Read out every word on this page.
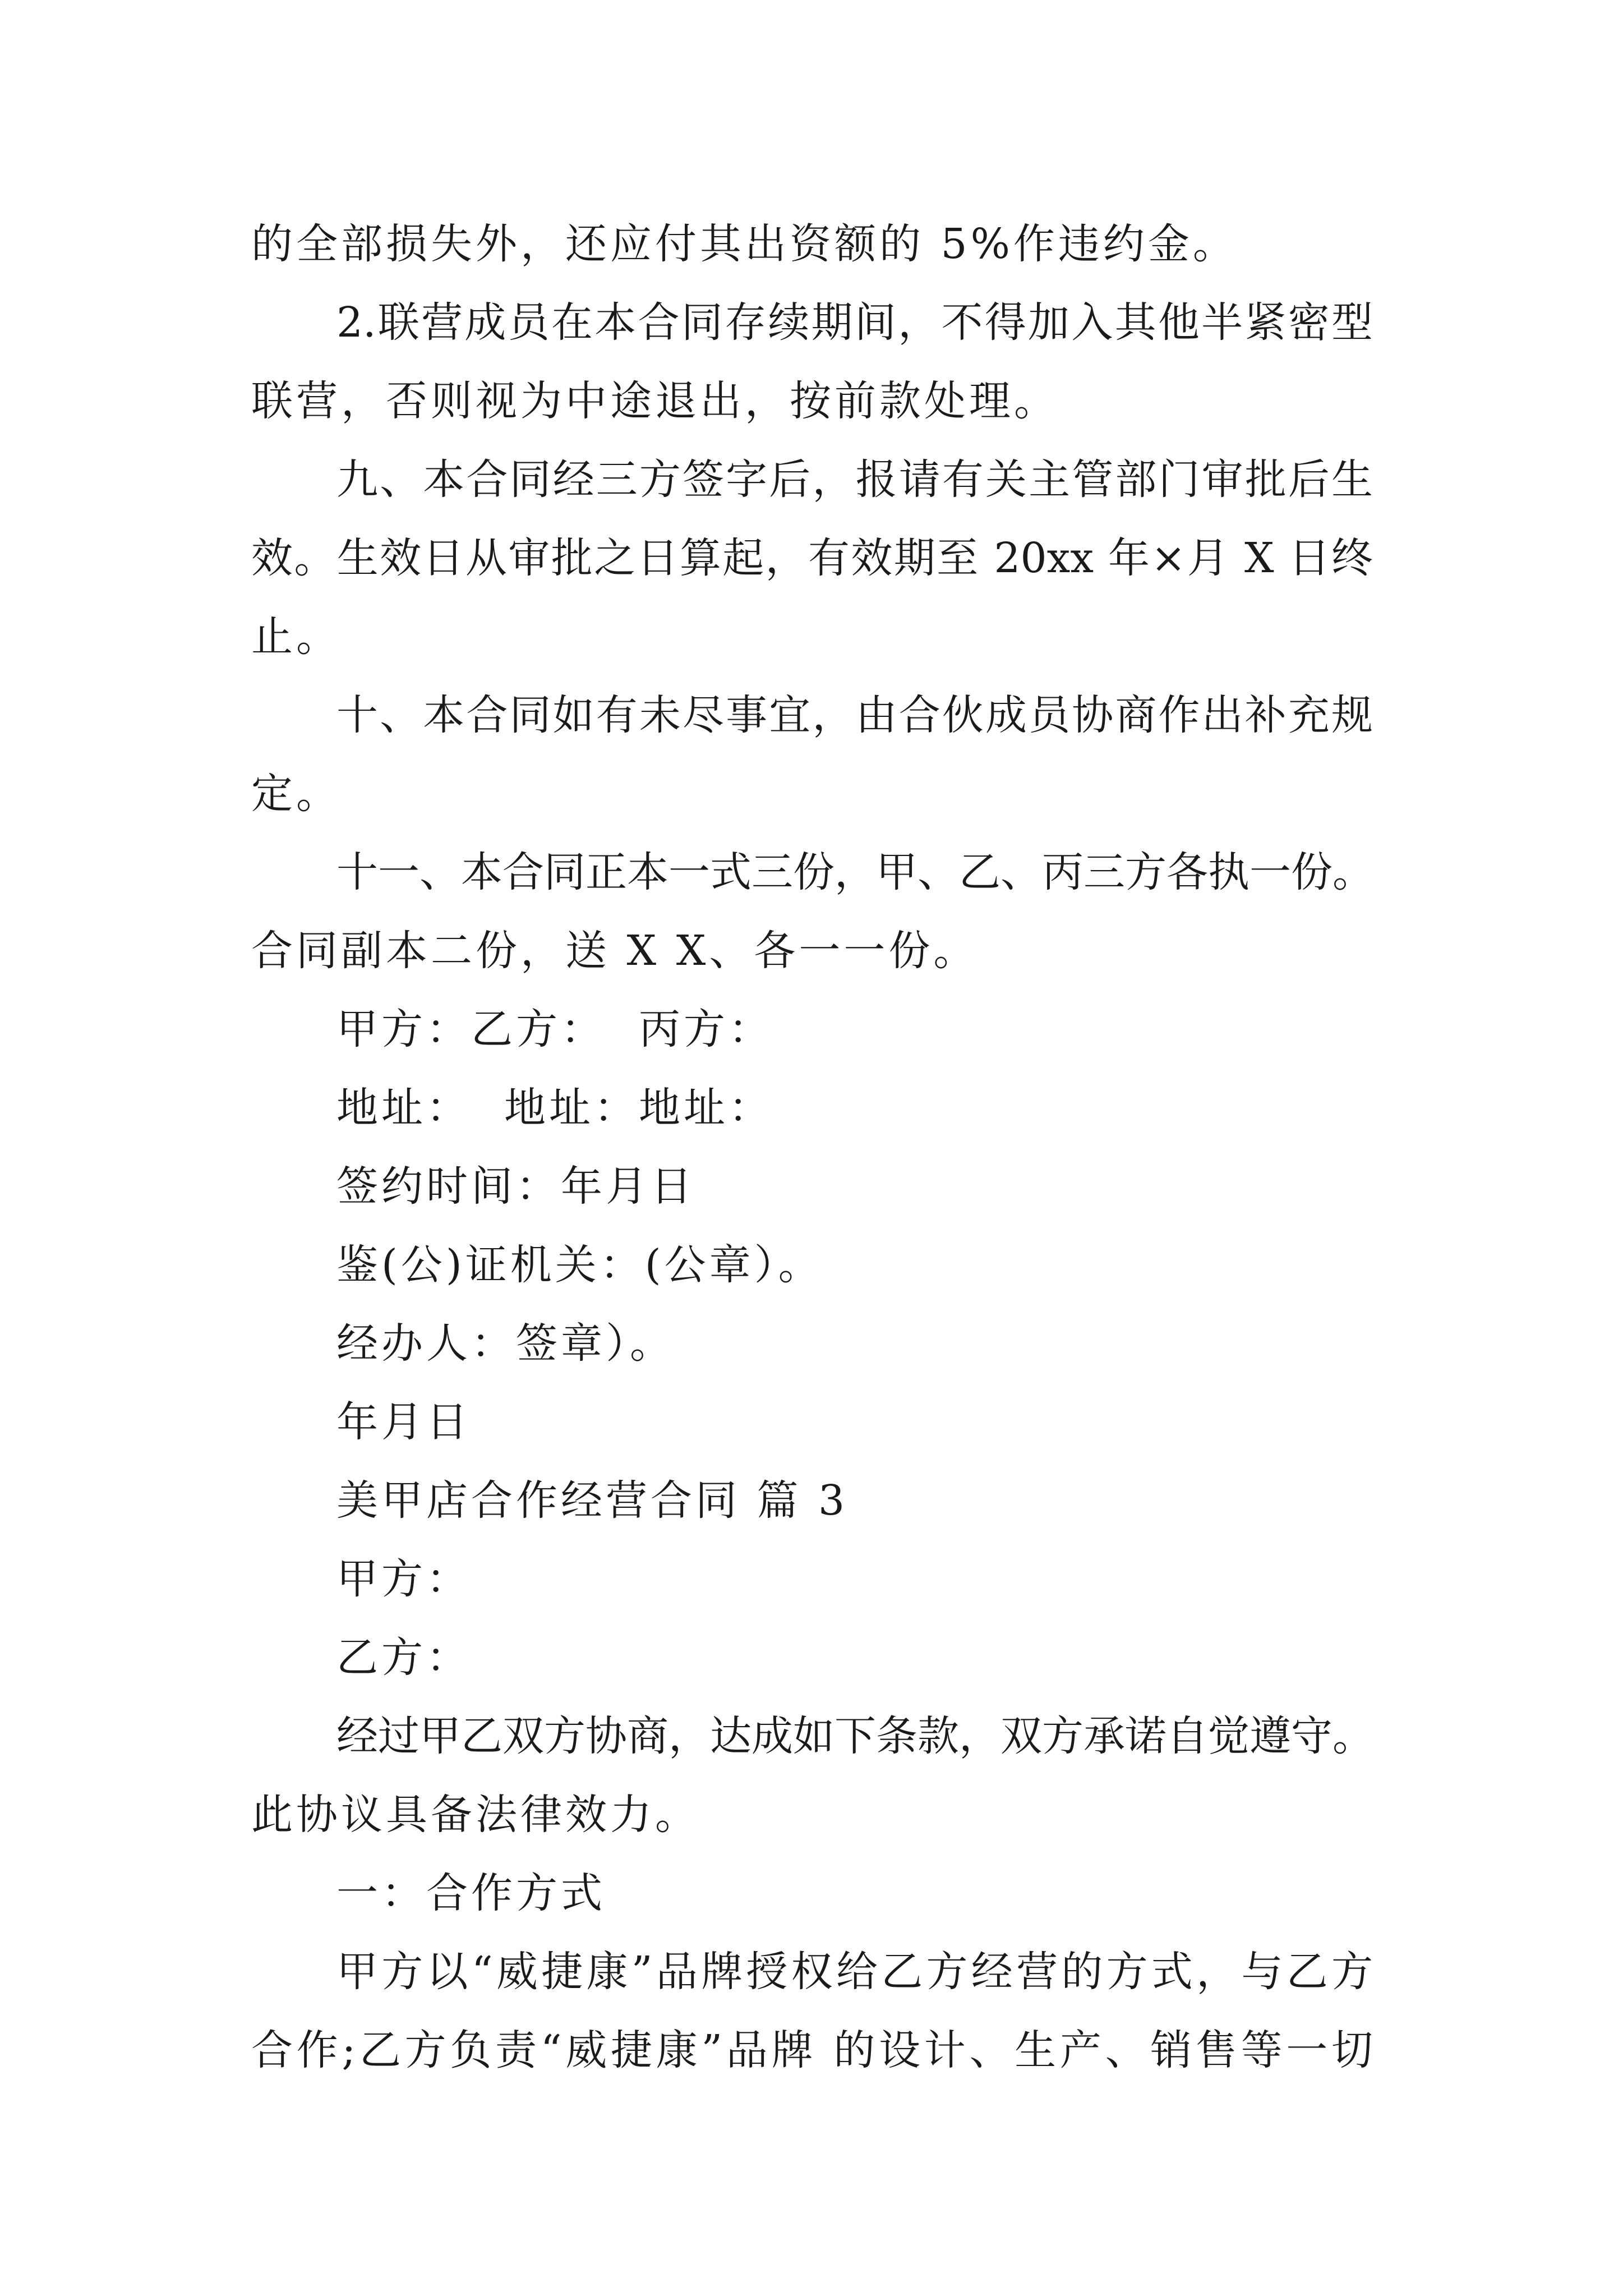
的全部损失外，还应付其出资额的 5%作违约金。
2.联营成员在本合同存续期间，不得加入其他半紧密型
联营，否则视为中途退出，按前款处理。
九、本合同经三方签字后，报请有关主管部门审批后生
效。生效日从审批之日算起，有效期至 20xx 年×月 X 日终
止。
十、本合同如有未尽事宜，由合伙成员协商作出补充规
定。
十一、本合同正本一式三份，甲、乙、丙三方各执一份。
合同副本二份，送 X X、各一一份。
甲方：乙方：  丙方：
地址：  地址：地址：
签约时间：年月日
鉴(公)证机关：(公章）。
经办人：签章）。
年月日
美甲店合作经营合同 篇 3
甲方：
乙方：
经过甲乙双方协商，达成如下条款，双方承诺自觉遵守。
此协议具备法律效力。
一：合作方式
甲方以“威捷康”品牌授权给乙方经营的方式，与乙方
合作;乙方负责“威捷康”品牌 的设计、生产、销售等一切
